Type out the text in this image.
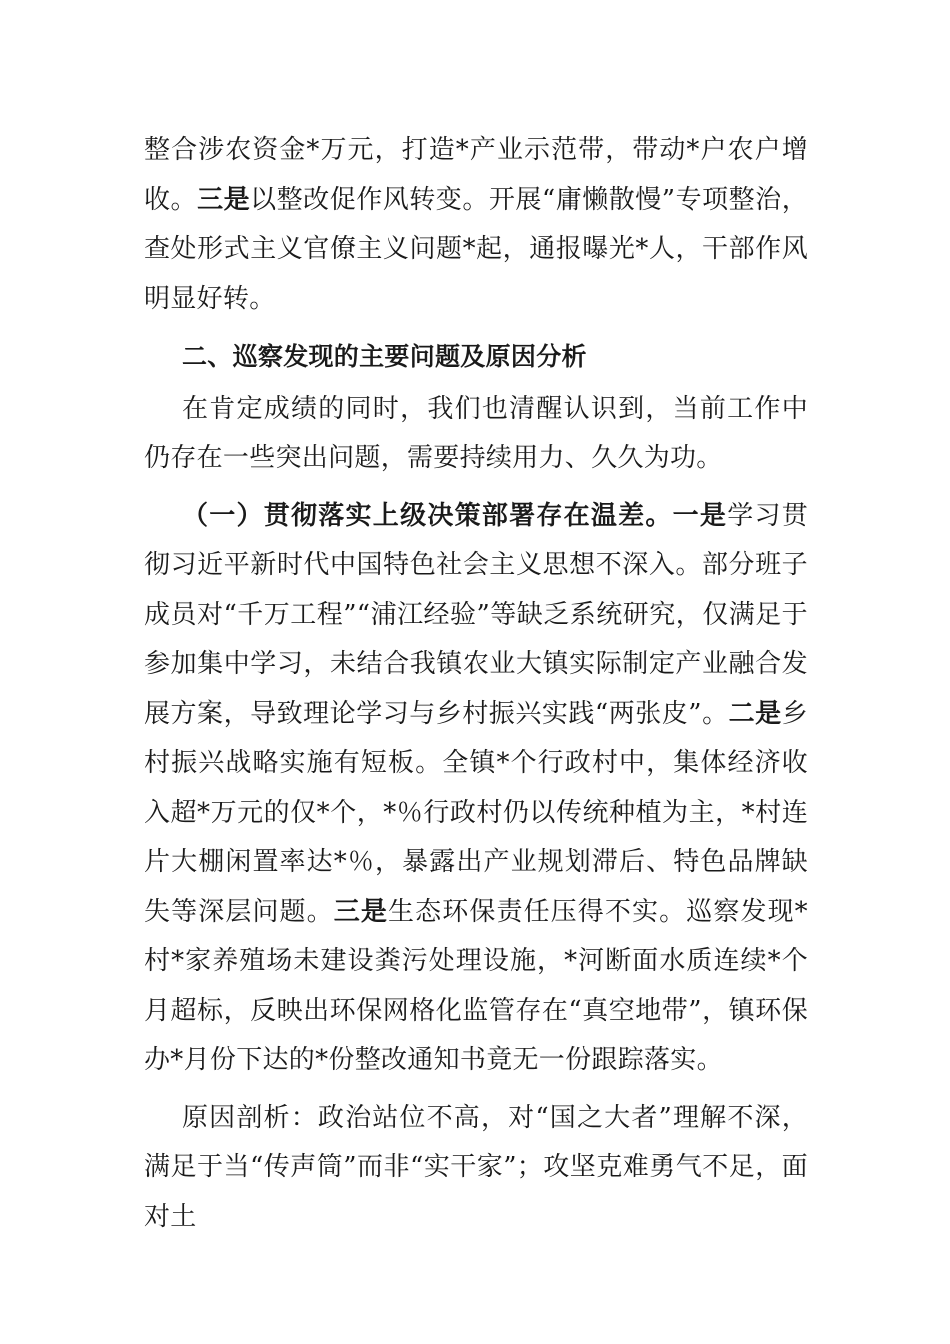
整合涉农资金*万元，打造*产业示范带，带动*户农户增收。三是以整改促作风转变。开展“庸懒散慢”专项整治，查处形式主义官僚主义问题*起，通报曝光*人，干部作风明显好转。

二、巡察发现的主要问题及原因分析

在肯定成绩的同时，我们也清醒认识到，当前工作中仍存在一些突出问题，需要持续用力、久久为功。

（一）贯彻落实上级决策部署存在温差。一是学习贯彻习近平新时代中国特色社会主义思想不深入。部分班子成员对“千万工程”“浦江经验”等缺乏系统研究，仅满足于参加集中学习，未结合我镇农业大镇实际制定产业融合发展方案，导致理论学习与乡村振兴实践“两张皮”。二是乡村振兴战略实施有短板。全镇*个行政村中，集体经济收入超*万元的仅*个，*％行政村仍以传统种植为主，*村连片大棚闲置率达*％，暴露出产业规划滞后、特色品牌缺失等深层问题。三是生态环保责任压得不实。巡察发现*村*家养殖场未建设粪污处理设施，*河断面水质连续*个月超标，反映出环保网格化监管存在“真空地带”，镇环保办*月份下达的*份整改通知书竟无一份跟踪落实。

原因剖析：政治站位不高，对“国之大者”理解不深，满足于当“传声筒”而非“实干家”；攻坚克难勇气不足，面对土
